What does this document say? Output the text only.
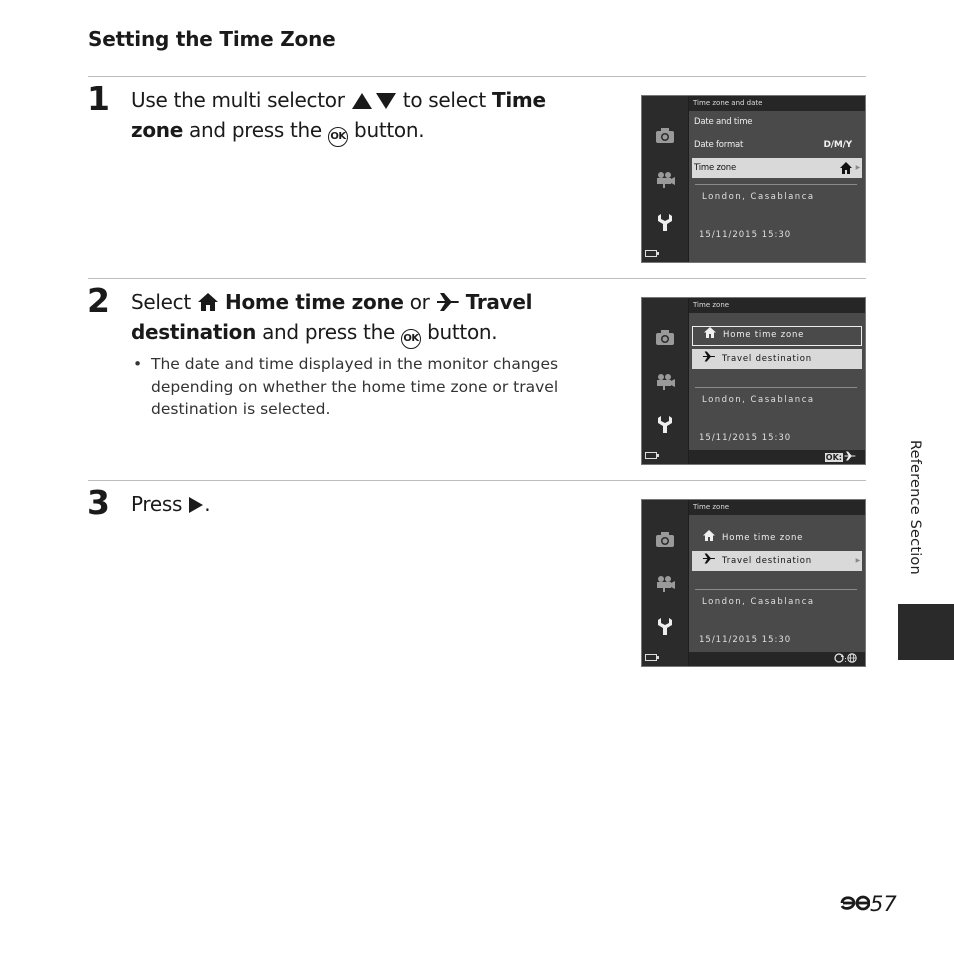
Setting the Time Zone
1 Use the multi selector  to select Time zone and press the OK button.
Time zone and date
Date and time
Date format	D/M/Y
Time zone	▶
London, Casablanca
15/11/2015 15:30
2 Select  Home time zone or  Travel destination and press the OK button.
• The date and time displayed in the monitor changes depending on whether the home time zone or travel destination is selected.
Time zone
Home time zone
Travel destination
London, Casablanca
15/11/2015 15:30
OK:
3 Press .	Time zone
Home time zone
Travel destination	▶
London, Casablanca
15/11/2015 15:30
:
Reference Section
57
